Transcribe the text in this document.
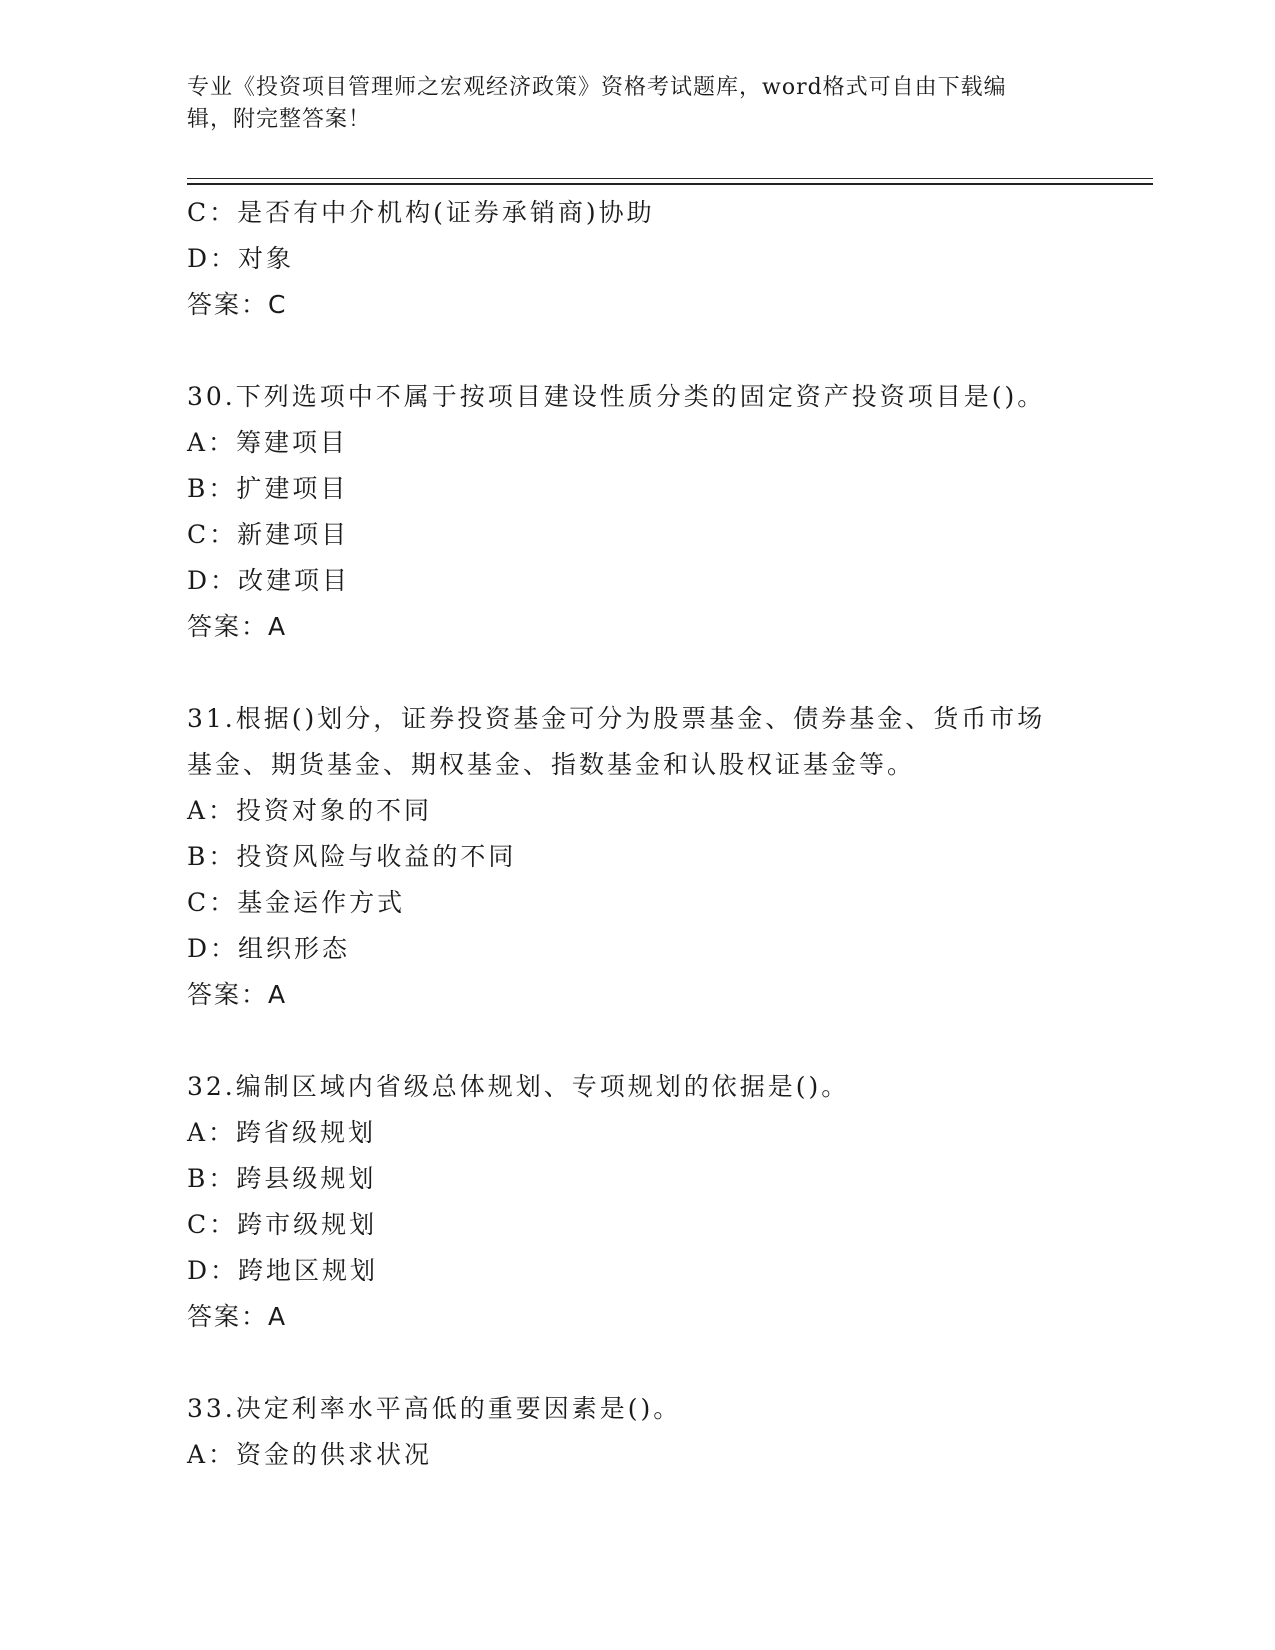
专业《投资项目管理师之宏观经济政策》资格考试题库，word格式可自由下载编
辑，附完整答案！
C：是否有中介机构(证券承销商)协助
D：对象
答案：C
30.下列选项中不属于按项目建设性质分类的固定资产投资项目是()。
A：筹建项目
B：扩建项目
C：新建项目
D：改建项目
答案：A
31.根据()划分，证券投资基金可分为股票基金、债券基金、货币市场
基金、期货基金、期权基金、指数基金和认股权证基金等。
A：投资对象的不同
B：投资风险与收益的不同
C：基金运作方式
D：组织形态
答案：A
32.编制区域内省级总体规划、专项规划的依据是()。
A：跨省级规划
B：跨县级规划
C：跨市级规划
D：跨地区规划
答案：A
33.决定利率水平高低的重要因素是()。
A：资金的供求状况
